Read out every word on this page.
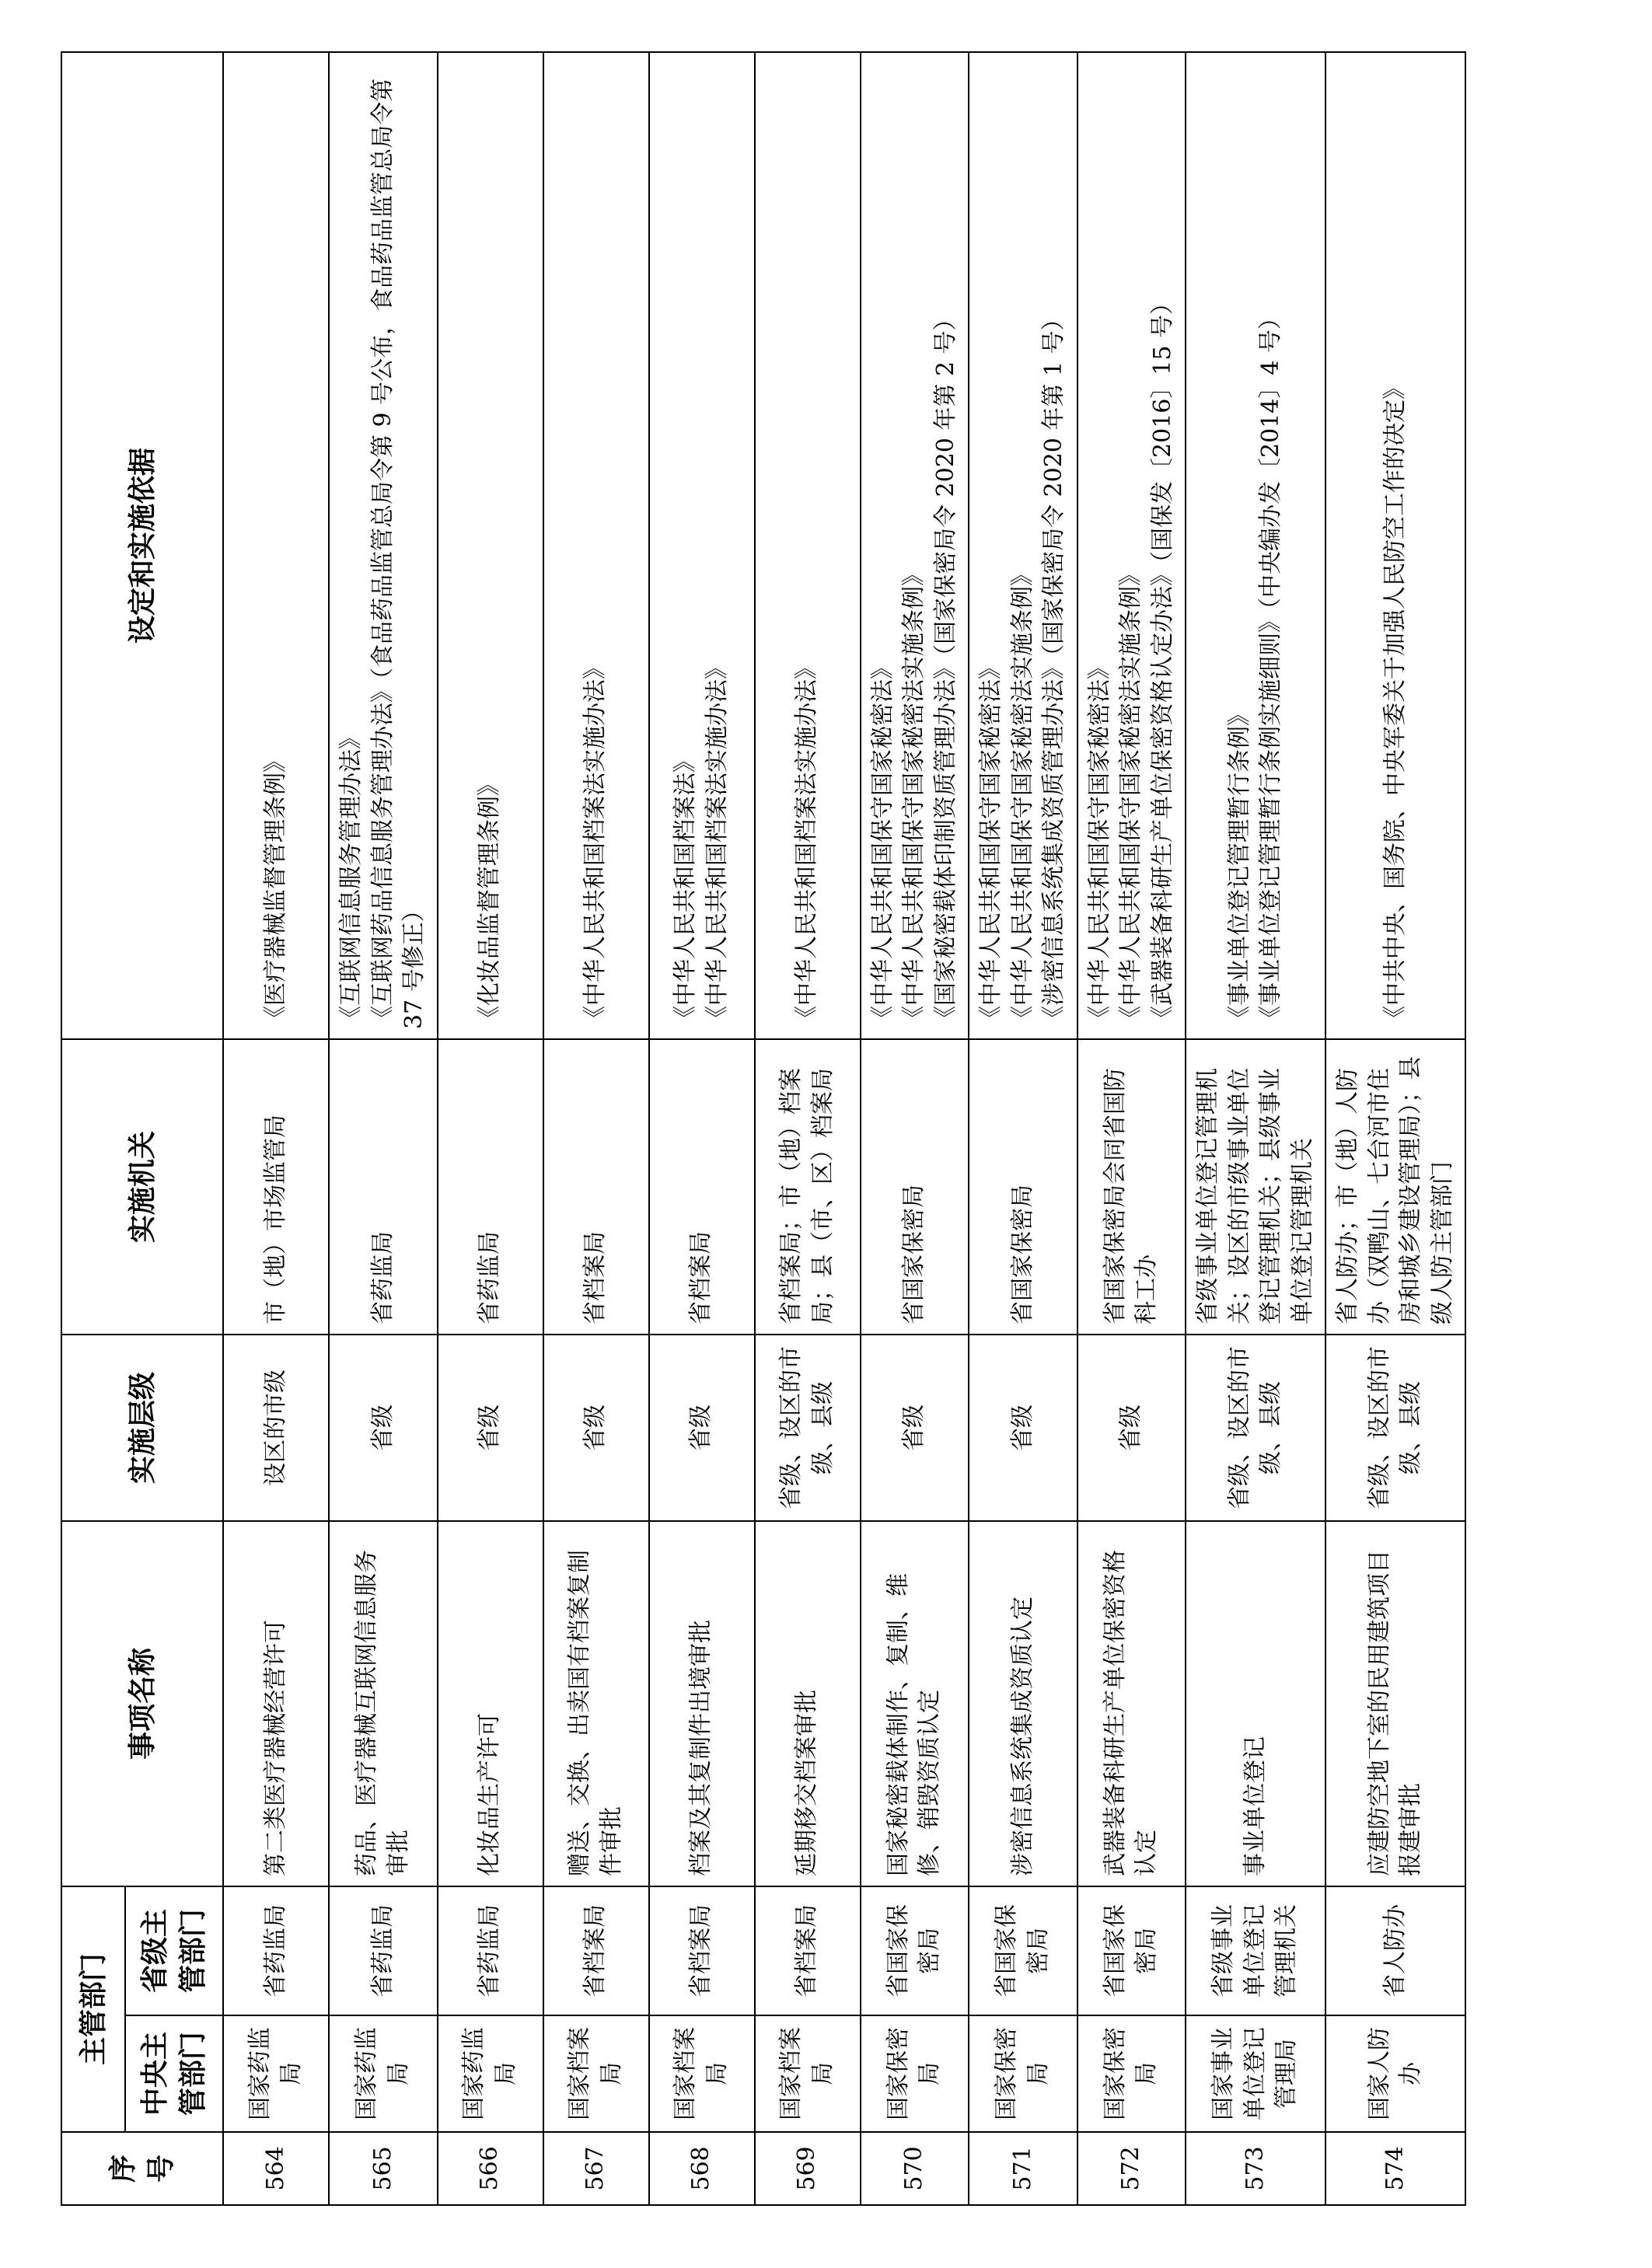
序号	主管部门		事项名称	实施层级	实施机关	设定和实施依据
	中央主管部门	省级主管部门				
564	国家药监局	省药监局	第二类医疗器械经营许可	设区的市级	市（地）市场监管局	《医疗器械监督管理条例》

565	国家药监局	省药监局	药品、医疗器械互联网信息服务审批	省级	省药监局	《互联网信息服务管理办法》 《互联网药品信息服务管理办法》（食品药品监管总局令第 9 号公布，食品药品监管总局令第 37 号修正）

566	国家药监局	省药监局	化妆品生产许可	省级	省药监局	《化妆品监督管理条例》

567	国家档案局	省档案局	赠送、交换、出卖国有档案复制件审批	省级	省档案局	《中华人民共和国档案法实施办法》

568	国家档案局	省档案局	档案及其复制件出境审批	省级	省档案局	《中华人民共和国档案法》 《中华人民共和国档案法实施办法》

569	国家档案局	省档案局	延期移交档案审批	省级、设区的市级、县级	省档案局；市（地）档案局；县（市、区）档案局	《中华人民共和国档案法实施办法》

570	国家保密局	省国家保密局	国家秘密载体制作、复制、维修、销毁资质认定	省级	省国家保密局	《中华人民共和国保守国家秘密法》 《中华人民共和国保守国家秘密法实施条例》 《国家秘密载体印制资质管理办法》（国家保密局令 2020 年第 2 号）

571	国家保密局	省国家保密局	涉密信息系统集成资质认定	省级	省国家保密局	《中华人民共和国保守国家秘密法》 《中华人民共和国保守国家秘密法实施条例》 《涉密信息系统集成资质管理办法》（国家保密局令 2020 年第 1 号）

572	国家保密局	省国家保密局	武器装备科研生产单位保密资格认定	省级	省国家保密局会同省国防科工办	《中华人民共和国保守国家秘密法》 《中华人民共和国保守国家秘密法实施条例》 《武器装备科研生产单位保密资格认定办法》（国保发〔2016〕15 号）

573	国家事业单位登记管理局	省级事业单位登记管理机关	事业单位登记	省级、设区的市级、县级	省级事业单位登记管理机关；设区的市级事业单位登记管理机关；县级事业单位登记管理机关	《事业单位登记管理暂行条例》 《事业单位登记管理暂行条例实施细则》（中央编办发〔2014〕4 号）

574	国家人防办	省人防办	应建防空地下室的民用建筑项目报建审批	省级、设区的市级、县级	省人防办；市（地）人防办（双鸭山、七台河市住房和城乡建设管理局）；县级人防主管部门	《中共中央、国务院、中央军委关于加强人民防空工作的决定》
